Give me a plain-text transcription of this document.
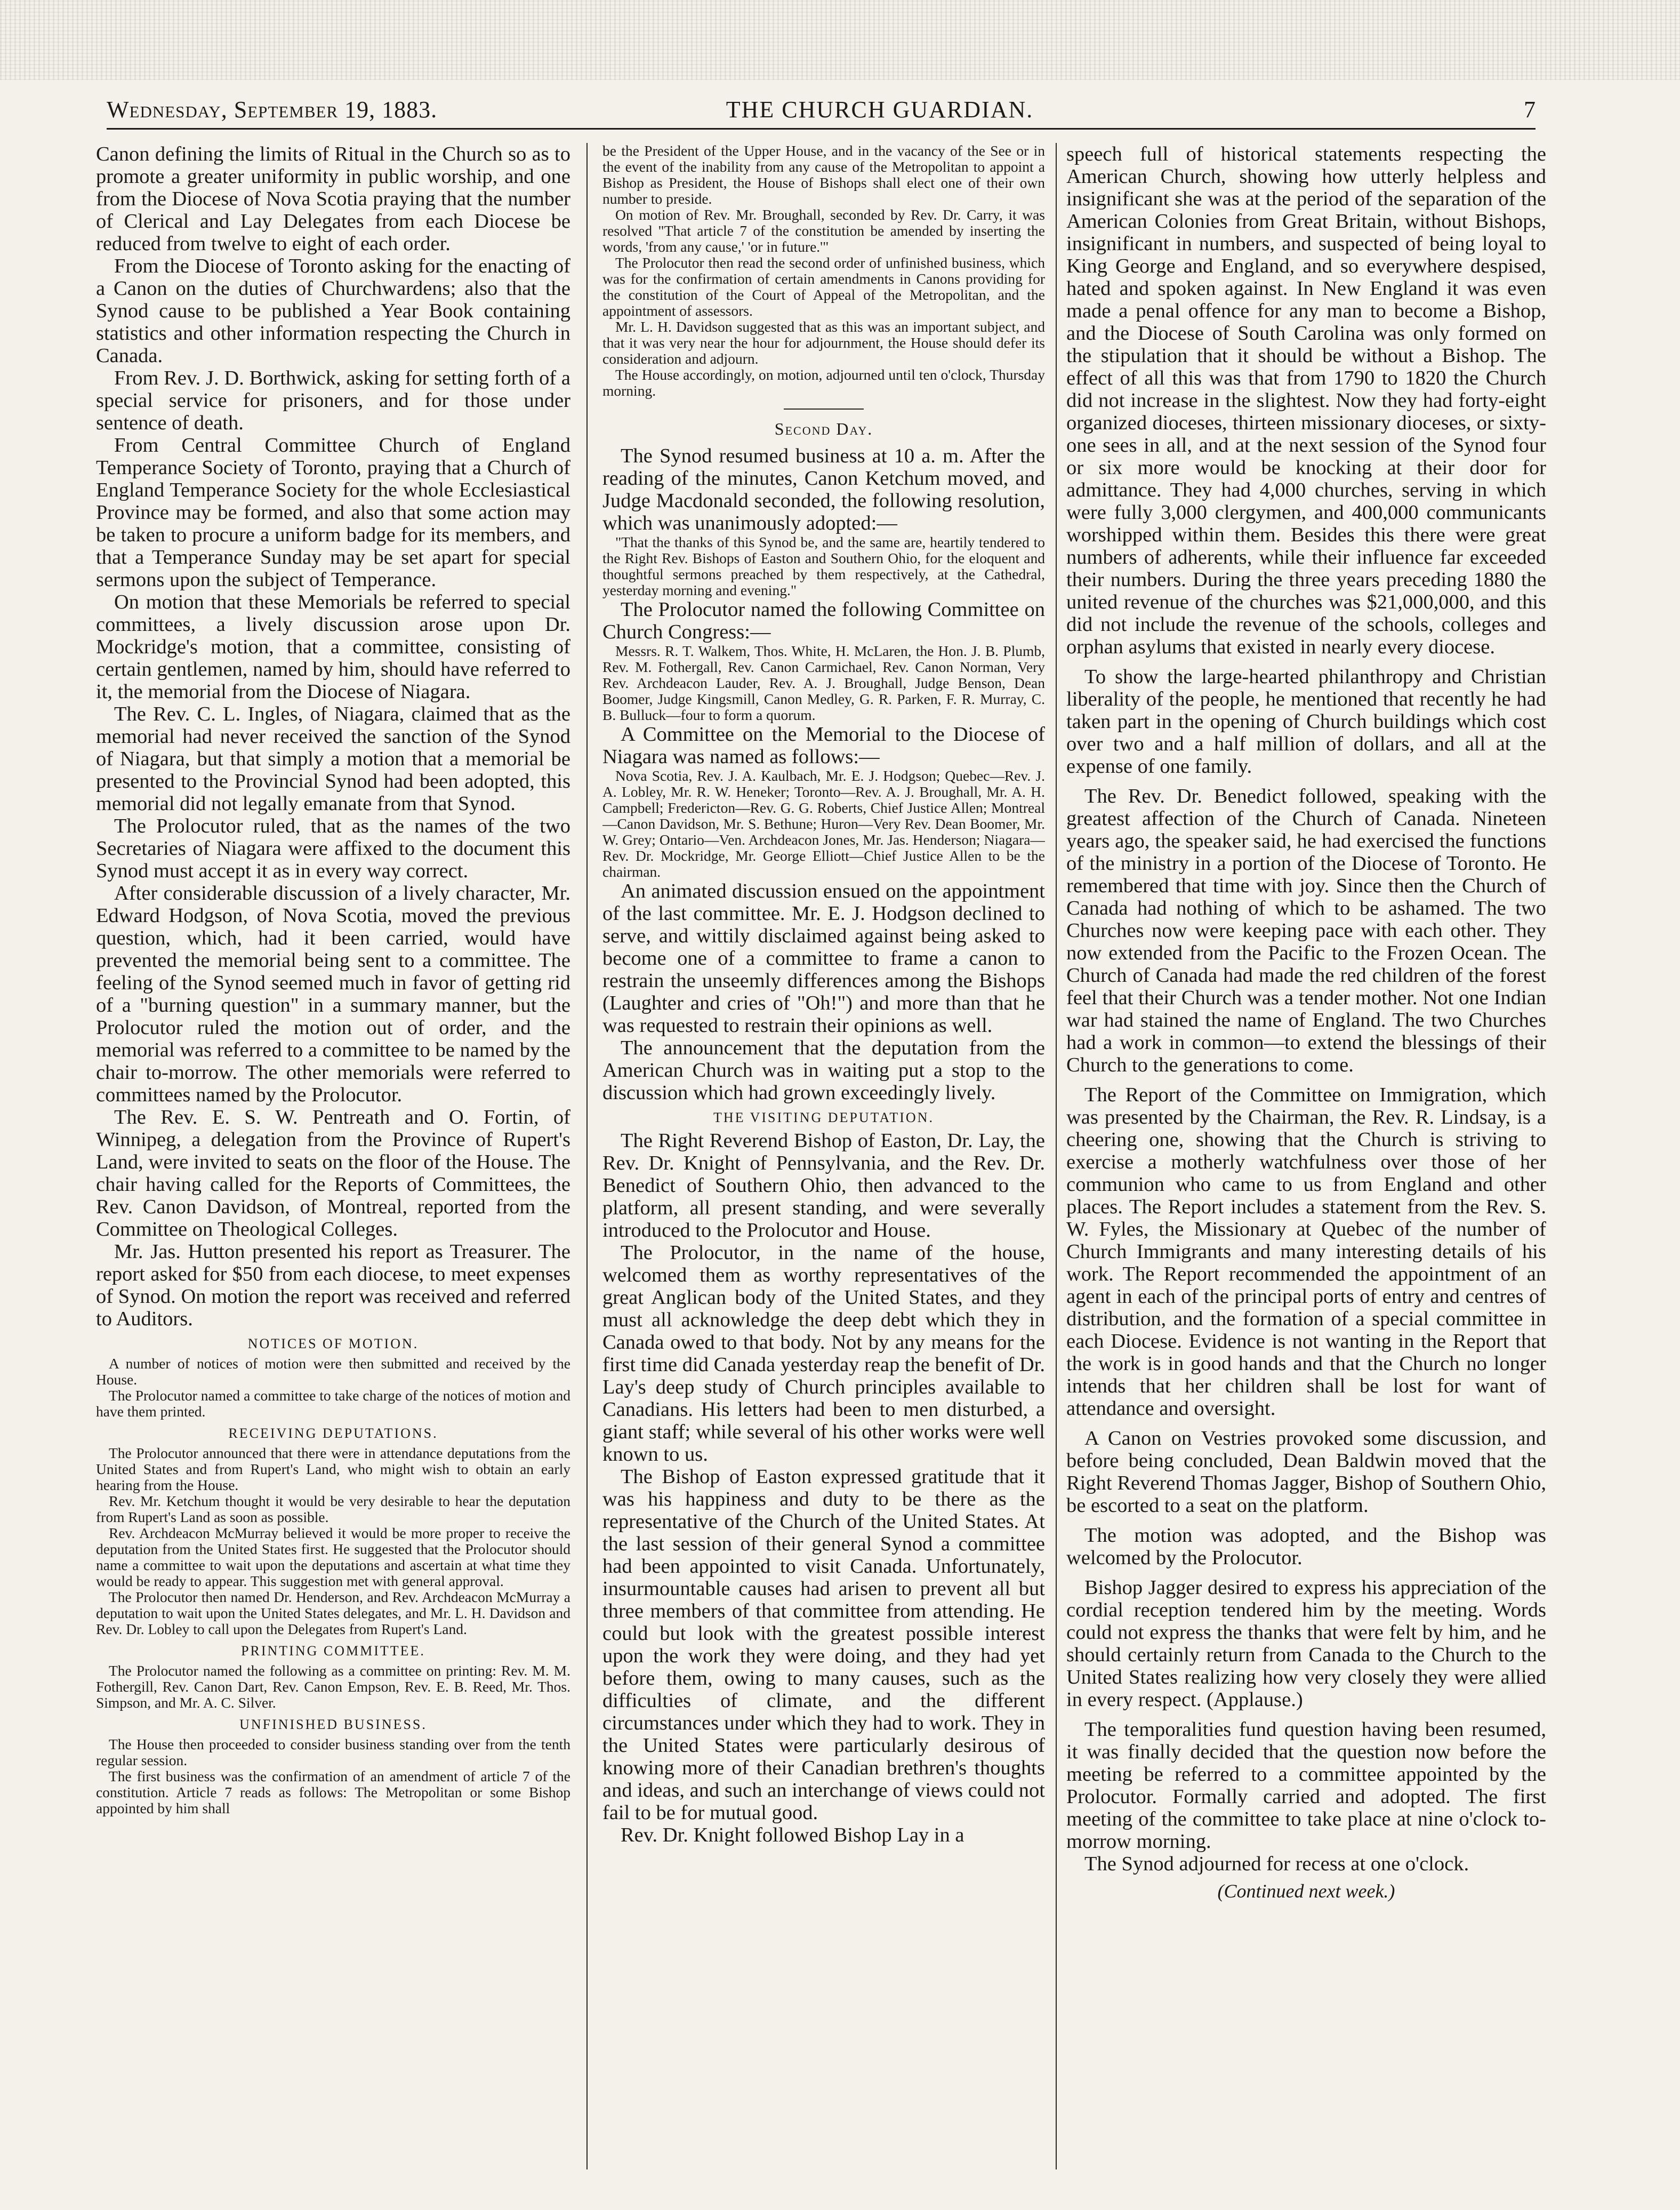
Wednesday, September 19, 1883.	THE CHURCH GUARDIAN.	7

Canon defining the limits of Ritual in the Church so as to promote a greater uniformity in public worship, and one from the Diocese of Nova Scotia praying that the number of Clerical and Lay Delegates from each Diocese be reduced from twelve to eight of each order.

From the Diocese of Toronto asking for the enacting of a Canon on the duties of Churchwardens; also that the Synod cause to be published a Year Book containing statistics and other information respecting the Church in Canada.

From Rev. J. D. Borthwick, asking for setting forth of a special service for prisoners, and for those under sentence of death.

From Central Committee Church of England Temperance Society of Toronto, praying that a Church of England Temperance Society for the whole Ecclesiastical Province may be formed, and also that some action may be taken to procure a uniform badge for its members, and that a Temperance Sunday may be set apart for special sermons upon the subject of Temperance.

On motion that these Memorials be referred to special committees, a lively discussion arose upon Dr. Mockridge's motion, that a committee, consisting of certain gentlemen, named by him, should have referred to it, the memorial from the Diocese of Niagara.

The Rev. C. L. Ingles, of Niagara, claimed that as the memorial had never received the sanction of the Synod of Niagara, but that simply a motion that a memorial be presented to the Provincial Synod had been adopted, this memorial did not legally emanate from that Synod.

The Prolocutor ruled, that as the names of the two Secretaries of Niagara were affixed to the document this Synod must accept it as in every way correct.

After considerable discussion of a lively character, Mr. Edward Hodgson, of Nova Scotia, moved the previous question, which, had it been carried, would have prevented the memorial being sent to a committee. The feeling of the Synod seemed much in favor of getting rid of a "burning question" in a summary manner, but the Prolocutor ruled the motion out of order, and the memorial was referred to a committee to be named by the chair to-morrow. The other memorials were referred to committees named by the Prolocutor.

The Rev. E. S. W. Pentreath and O. Fortin, of Winnipeg, a delegation from the Province of Rupert's Land, were invited to seats on the floor of the House. The chair having called for the Reports of Committees, the Rev. Canon Davidson, of Montreal, reported from the Committee on Theological Colleges.

Mr. Jas. Hutton presented his report as Treasurer. The report asked for $50 from each diocese, to meet expenses of Synod. On motion the report was received and referred to Auditors.

NOTICES OF MOTION.

A number of notices of motion were then submitted and received by the House.

The Prolocutor named a committee to take charge of the notices of motion and have them printed.

RECEIVING DEPUTATIONS.

The Prolocutor announced that there were in attendance deputations from the United States and from Rupert's Land, who might wish to obtain an early hearing from the House.

Rev. Mr. Ketchum thought it would be very desirable to hear the deputation from Rupert's Land as soon as possible.

Rev. Archdeacon McMurray believed it would be more proper to receive the deputation from the United States first. He suggested that the Prolocutor should name a committee to wait upon the deputations and ascertain at what time they would be ready to appear. This suggestion met with general approval.

The Prolocutor then named Dr. Henderson, and Rev. Archdeacon McMurray a deputation to wait upon the United States delegates, and Mr. L. H. Davidson and Rev. Dr. Lobley to call upon the Delegates from Rupert's Land.

PRINTING COMMITTEE.

The Prolocutor named the following as a committee on printing: Rev. M. M. Fothergill, Rev. Canon Dart, Rev. Canon Empson, Rev. E. B. Reed, Mr. Thos. Simpson, and Mr. A. C. Silver.

UNFINISHED BUSINESS.

The House then proceeded to consider business standing over from the tenth regular session.

The first business was the confirmation of an amendment of article 7 of the constitution. Article 7 reads as follows: The Metropolitan or some Bishop appointed by him shall

be the President of the Upper House, and in the vacancy of the See or in the event of the inability from any cause of the Metropolitan to appoint a Bishop as President, the House of Bishops shall elect one of their own number to preside.

On motion of Rev. Mr. Broughall, seconded by Rev. Dr. Carry, it was resolved "That article 7 of the constitution be amended by inserting the words, 'from any cause,' 'or in future.'"

The Prolocutor then read the second order of unfinished business, which was for the confirmation of certain amendments in Canons providing for the constitution of the Court of Appeal of the Metropolitan, and the appointment of assessors.

Mr. L. H. Davidson suggested that as this was an important subject, and that it was very near the hour for adjournment, the House should defer its consideration and adjourn.

The House accordingly, on motion, adjourned until ten o'clock, Thursday morning.

Second Day.

The Synod resumed business at 10 a. m. After the reading of the minutes, Canon Ketchum moved, and Judge Macdonald seconded, the following resolution, which was unanimously adopted:—

"That the thanks of this Synod be, and the same are, heartily tendered to the Right Rev. Bishops of Easton and Southern Ohio, for the eloquent and thoughtful sermons preached by them respectively, at the Cathedral, yesterday morning and evening."

The Prolocutor named the following Committee on Church Congress:—

Messrs. R. T. Walkem, Thos. White, H. McLaren, the Hon. J. B. Plumb, Rev. M. Fothergall, Rev. Canon Carmichael, Rev. Canon Norman, Very Rev. Archdeacon Lauder, Rev. A. J. Broughall, Judge Benson, Dean Boomer, Judge Kingsmill, Canon Medley, G. R. Parken, F. R. Murray, C. B. Bulluck—four to form a quorum.

A Committee on the Memorial to the Diocese of Niagara was named as follows:—

Nova Scotia, Rev. J. A. Kaulbach, Mr. E. J. Hodgson; Quebec—Rev. J. A. Lobley, Mr. R. W. Heneker; Toronto—Rev. A. J. Broughall, Mr. A. H. Campbell; Fredericton—Rev. G. G. Roberts, Chief Justice Allen; Montreal—Canon Davidson, Mr. S. Bethune; Huron—Very Rev. Dean Boomer, Mr. W. Grey; Ontario—Ven. Archdeacon Jones, Mr. Jas. Henderson; Niagara—Rev. Dr. Mockridge, Mr. George Elliott—Chief Justice Allen to be the chairman.

An animated discussion ensued on the appointment of the last committee. Mr. E. J. Hodgson declined to serve, and wittily disclaimed against being asked to become one of a committee to frame a canon to restrain the unseemly differences among the Bishops (Laughter and cries of "Oh!") and more than that he was requested to restrain their opinions as well.

The announcement that the deputation from the American Church was in waiting put a stop to the discussion which had grown exceedingly lively.

THE VISITING DEPUTATION.

The Right Reverend Bishop of Easton, Dr. Lay, the Rev. Dr. Knight of Pennsylvania, and the Rev. Dr. Benedict of Southern Ohio, then advanced to the platform, all present standing, and were severally introduced to the Prolocutor and House.

The Prolocutor, in the name of the house, welcomed them as worthy representatives of the great Anglican body of the United States, and they must all acknowledge the deep debt which they in Canada owed to that body. Not by any means for the first time did Canada yesterday reap the benefit of Dr. Lay's deep study of Church principles available to Canadians. His letters had been to men disturbed, a giant staff; while several of his other works were well known to us.

The Bishop of Easton expressed gratitude that it was his happiness and duty to be there as the representative of the Church of the United States. At the last session of their general Synod a committee had been appointed to visit Canada. Unfortunately, insurmountable causes had arisen to prevent all but three members of that committee from attending. He could but look with the greatest possible interest upon the work they were doing, and they had yet before them, owing to many causes, such as the difficulties of climate, and the different circumstances under which they had to work. They in the United States were particularly desirous of knowing more of their Canadian brethren's thoughts and ideas, and such an interchange of views could not fail to be for mutual good.

Rev. Dr. Knight followed Bishop Lay in a

speech full of historical statements respecting the American Church, showing how utterly helpless and insignificant she was at the period of the separation of the American Colonies from Great Britain, without Bishops, insignificant in numbers, and suspected of being loyal to King George and England, and so everywhere despised, hated and spoken against. In New England it was even made a penal offence for any man to become a Bishop, and the Diocese of South Carolina was only formed on the stipulation that it should be without a Bishop. The effect of all this was that from 1790 to 1820 the Church did not increase in the slightest. Now they had forty-eight organized dioceses, thirteen missionary dioceses, or sixty-one sees in all, and at the next session of the Synod four or six more would be knocking at their door for admittance. They had 4,000 churches, serving in which were fully 3,000 clergymen, and 400,000 communicants worshipped within them. Besides this there were great numbers of adherents, while their influence far exceeded their numbers. During the three years preceding 1880 the united revenue of the churches was $21,000,000, and this did not include the revenue of the schools, colleges and orphan asylums that existed in nearly every diocese.

To show the large-hearted philanthropy and Christian liberality of the people, he mentioned that recently he had taken part in the opening of Church buildings which cost over two and a half million of dollars, and all at the expense of one family.

The Rev. Dr. Benedict followed, speaking with the greatest affection of the Church of Canada. Nineteen years ago, the speaker said, he had exercised the functions of the ministry in a portion of the Diocese of Toronto. He remembered that time with joy. Since then the Church of Canada had nothing of which to be ashamed. The two Churches now were keeping pace with each other. They now extended from the Pacific to the Frozen Ocean. The Church of Canada had made the red children of the forest feel that their Church was a tender mother. Not one Indian war had stained the name of England. The two Churches had a work in common—to extend the blessings of their Church to the generations to come.

The Report of the Committee on Immigration, which was presented by the Chairman, the Rev. R. Lindsay, is a cheering one, showing that the Church is striving to exercise a motherly watchfulness over those of her communion who came to us from England and other places. The Report includes a statement from the Rev. S. W. Fyles, the Missionary at Quebec of the number of Church Immigrants and many interesting details of his work. The Report recommended the appointment of an agent in each of the principal ports of entry and centres of distribution, and the formation of a special committee in each Diocese. Evidence is not wanting in the Report that the work is in good hands and that the Church no longer intends that her children shall be lost for want of attendance and oversight.

A Canon on Vestries provoked some discussion, and before being concluded, Dean Baldwin moved that the Right Reverend Thomas Jagger, Bishop of Southern Ohio, be escorted to a seat on the platform.

The motion was adopted, and the Bishop was welcomed by the Prolocutor.

Bishop Jagger desired to express his appreciation of the cordial reception tendered him by the meeting. Words could not express the thanks that were felt by him, and he should certainly return from Canada to the Church to the United States realizing how very closely they were allied in every respect. (Applause.)

The temporalities fund question having been resumed, it was finally decided that the question now before the meeting be referred to a committee appointed by the Prolocutor. Formally carried and adopted. The first meeting of the committee to take place at nine o'clock to-morrow morning.

The Synod adjourned for recess at one o'clock.

(Continued next week.)
